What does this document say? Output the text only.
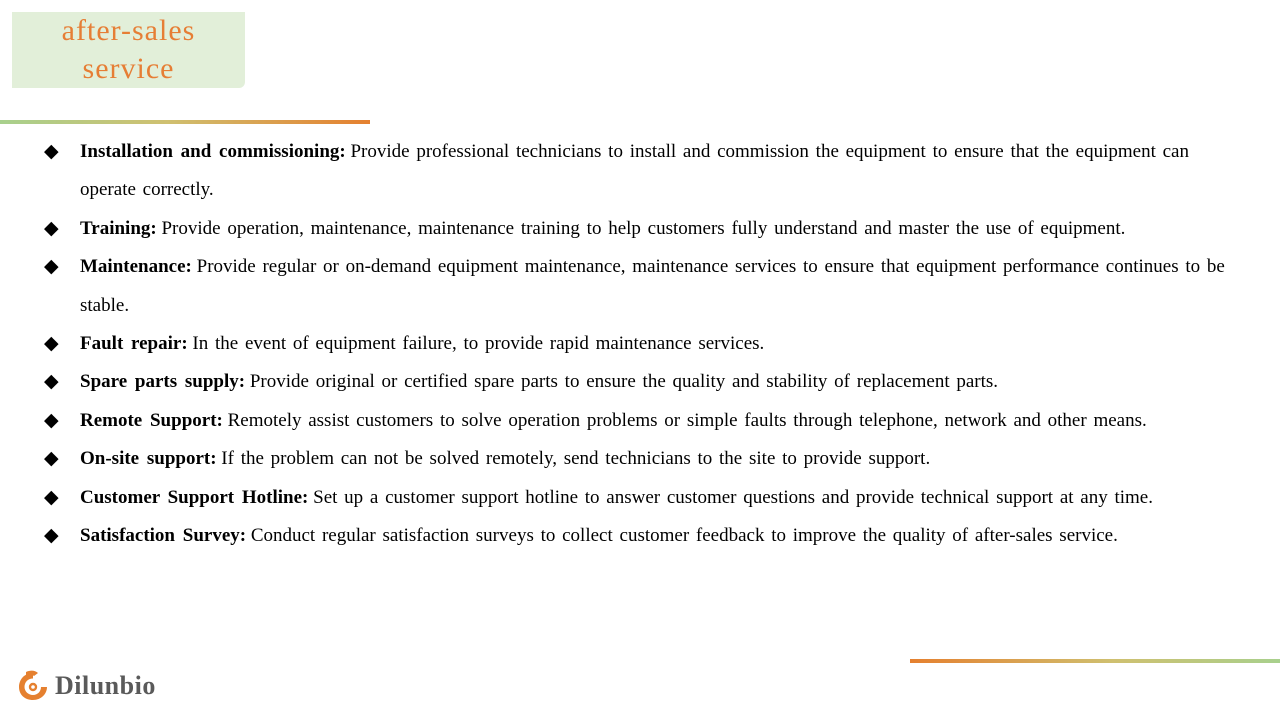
after-sales service
◆	Installation and commissioning: Provide professional technicians to install and commission the equipment to ensure that the equipment can operate correctly.
◆	Training: Provide operation, maintenance, maintenance training to help customers fully understand and master the use of equipment.
◆	Maintenance: Provide regular or on-demand equipment maintenance, maintenance services to ensure that equipment performance continues to be stable.
◆	Fault repair: In the event of equipment failure, to provide rapid maintenance services.
◆	Spare parts supply: Provide original or certified spare parts to ensure the quality and stability of replacement parts.
◆	Remote Support: Remotely assist customers to solve operation problems or simple faults through telephone, network and other means.
◆	On-site support: If the problem can not be solved remotely, send technicians to the site to provide support.
◆	Customer Support Hotline: Set up a customer support hotline to answer customer questions and provide technical support at any time.
◆	Satisfaction Survey: Conduct regular satisfaction surveys to collect customer feedback to improve the quality of after-sales service.
Dilunbio
